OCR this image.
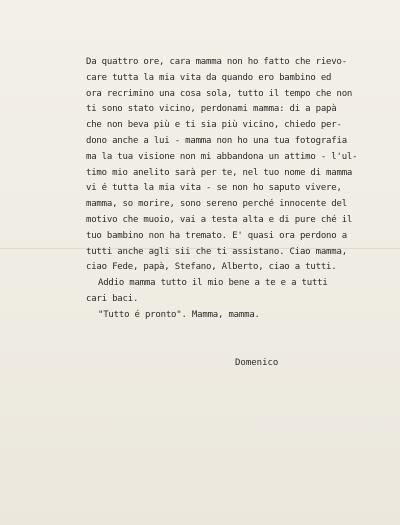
Da quattro ore, cara mamma non ho fatto che rievo-
care tutta la mia vita da quando ero bambino ed
ora recrimino una cosa sola, tutto il tempo che non
ti sono stato vicino, perdonami mamma: di a papà
che non beva più e ti sia più vicino, chiedo per-
dono anche a lui - mamma non ho una tua fotografia
ma la tua visione non mi abbandona un attimo - l'ul-
timo mio anelito sarà per te, nel tuo nome di mamma
vi é tutta la mia vita - se non ho saputo vivere,
mamma, so morire, sono sereno perché innocente del
motivo che muoio, vai a testa alta e di pure ché il
tuo bambino non ha tremato. E' quasi ora perdono a
tutti anche agli sii che ti assistano. Ciao mamma,
ciao Fede, papà, Stefano, Alberto, ciao a tutti.
Addio mamma tutto il mio bene a te e a tutti
cari baci.
"Tutto é pronto". Mamma, mamma.
Domenico
